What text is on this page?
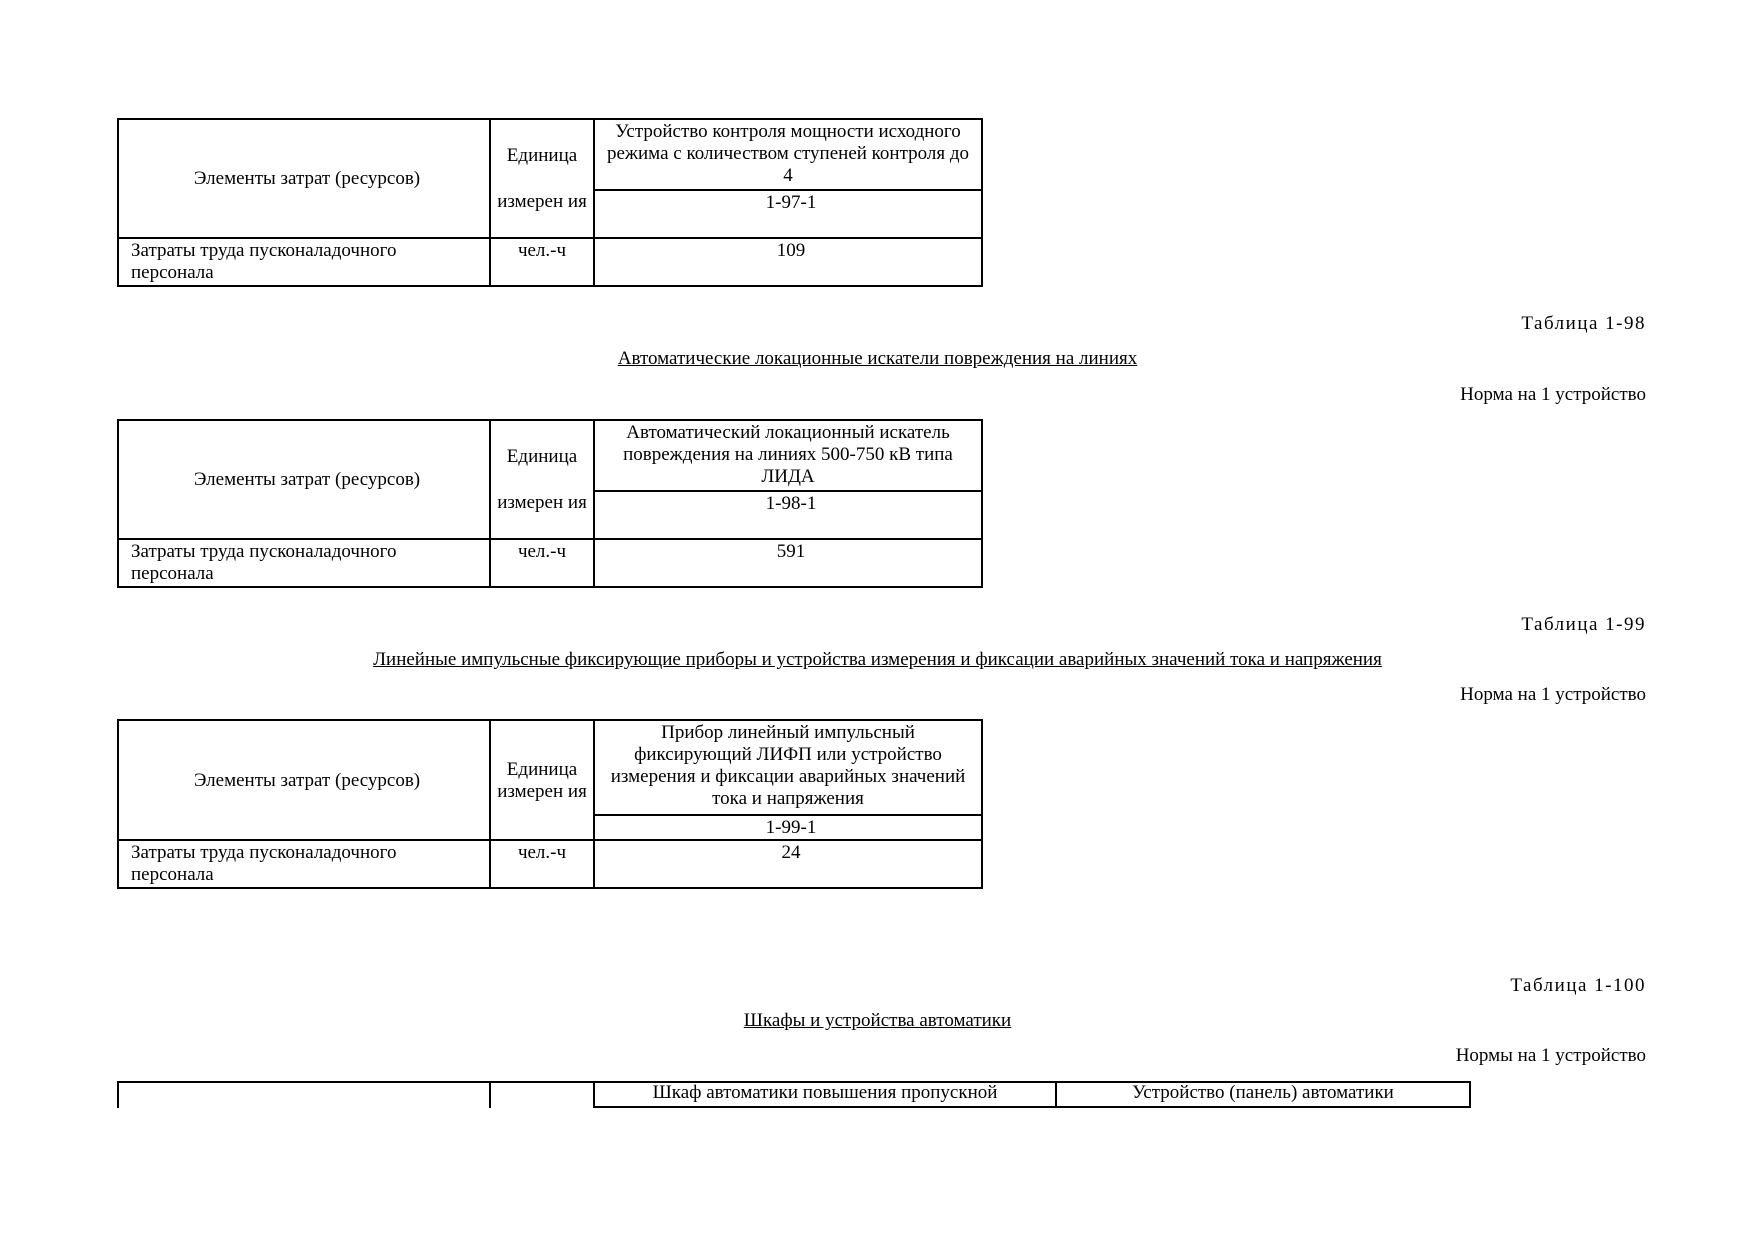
Элементы затрат (ресурсов)	Единица	Устройство контроля мощности исходного режима с количеством ступеней контроля до 4
	измерен ия	1-97-1
Затраты труда пусконаладочного персонала	чел.-ч	109
Таблица 1-98
Автоматические локационные искатели повреждения на линиях
Норма на 1 устройство
Элементы затрат (ресурсов)	Единица	Автоматический локационный искатель повреждения на линиях 500-750 кВ типа ЛИДА
	измерен ия	1-98-1
Затраты труда пусконаладочного персонала	чел.-ч	591
Таблица 1-99
Линейные импульсные фиксирующие приборы и устройства измерения и фиксации аварийных значений тока и напряжения
Норма на 1 устройство
Элементы затрат (ресурсов)	Единица измерен ия	Прибор линейный импульсный фиксирующий ЛИФП или устройство измерения и фиксации аварийных значений тока и напряжения
		1-99-1
Затраты труда пусконаладочного персонала	чел.-ч	24
Таблица 1-100
Шкафы и устройства автоматики
Нормы на 1 устройство
Шкаф автоматики повышения пропускной	Устройство (панель) автоматики
